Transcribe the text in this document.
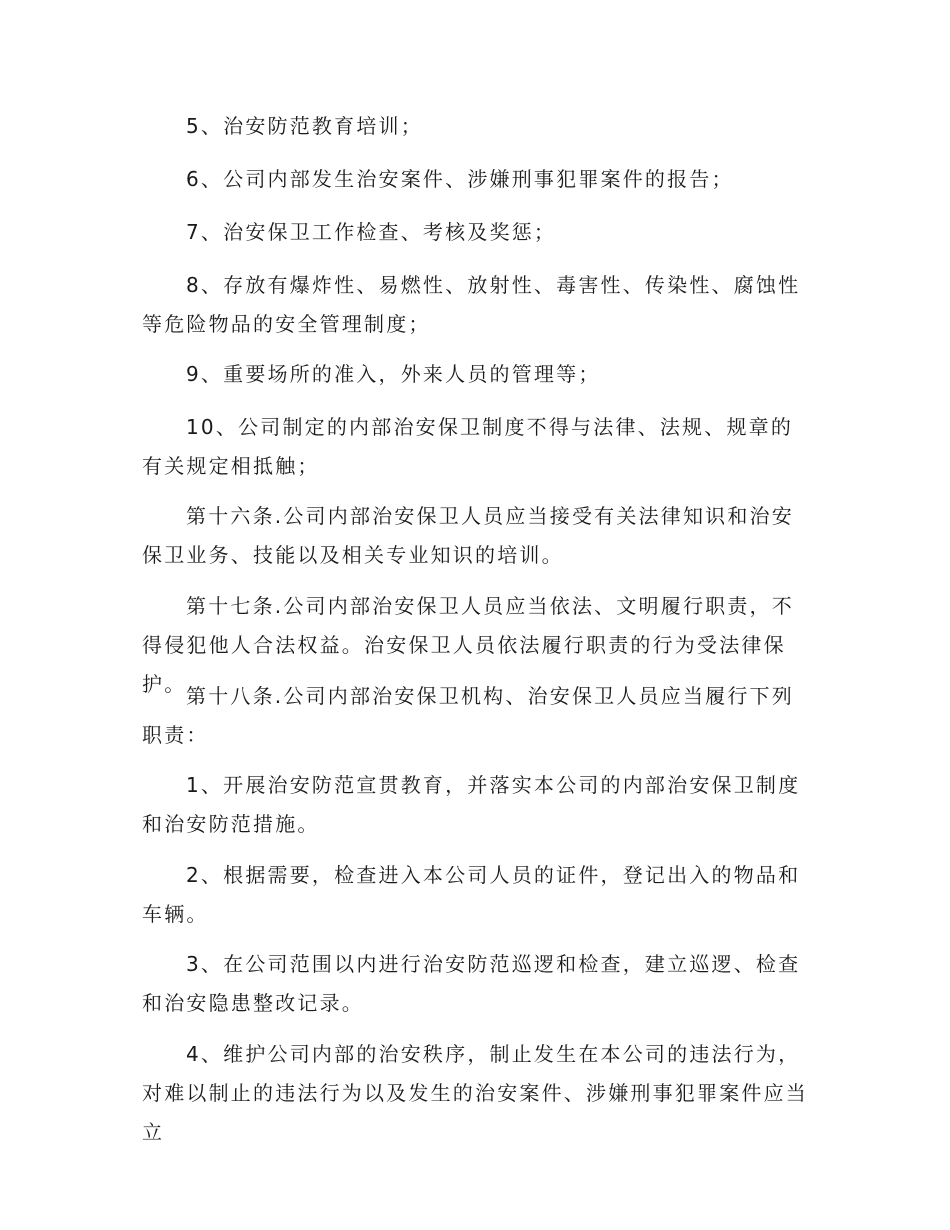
5、治安防范教育培训；

6、公司内部发生治安案件、涉嫌刑事犯罪案件的报告；

7、治安保卫工作检查、考核及奖惩；

8、存放有爆炸性、易燃性、放射性、毒害性、传染性、腐蚀性等危险物品的安全管理制度；

9、重要场所的准入，外来人员的管理等；

10、公司制定的内部治安保卫制度不得与法律、法规、规章的有关规定相抵触；

第十六条.公司内部治安保卫人员应当接受有关法律知识和治安保卫业务、技能以及相关专业知识的培训。

第十七条.公司内部治安保卫人员应当依法、文明履行职责，不得侵犯他人合法权益。治安保卫人员依法履行职责的行为受法律保护。 第十八条.公司内部治安保卫机构、治安保卫人员应当履行下列职责：

1、开展治安防范宣贯教育，并落实本公司的内部治安保卫制度和治安防范措施。

2、根据需要，检查进入本公司人员的证件，登记出入的物品和车辆。

3、在公司范围以内进行治安防范巡逻和检查，建立巡逻、检查和治安隐患整改记录。

4、维护公司内部的治安秩序，制止发生在本公司的违法行为，对难以制止的违法行为以及发生的治安案件、涉嫌刑事犯罪案件应当立
